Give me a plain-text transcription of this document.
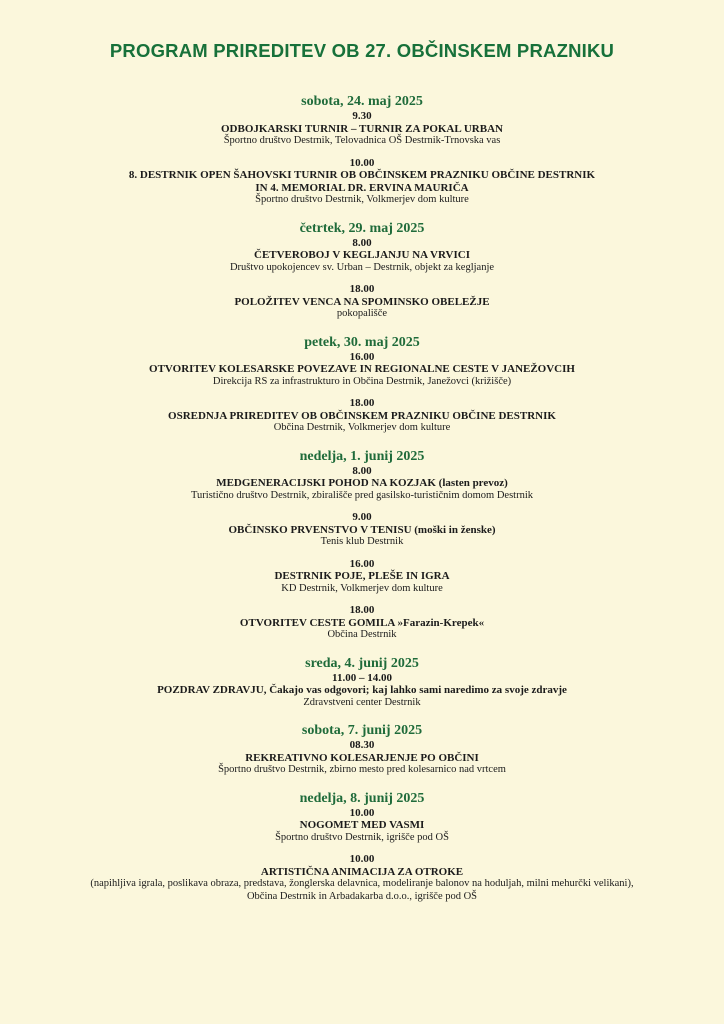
PROGRAM PRIREDITEV OB 27. OBČINSKEM PRAZNIKU
sobota, 24. maj 2025
9.30
ODBOJKARSKI TURNIR – TURNIR ZA POKAL URBAN
Športno društvo Destrnik, Telovadnica OŠ Destrnik-Trnovska vas
10.00
8. DESTRNIK OPEN ŠAHOVSKI TURNIR OB OBČINSKEM PRAZNIKU OBČINE DESTRNIK
IN 4. MEMORIAL DR. ERVINA MAURIČA
Športno društvo Destrnik, Volkmerjev dom kulture
četrtek, 29. maj 2025
8.00
ČETVEROBOJ V KEGLJANJU NA VRVICI
Društvo upokojencev sv. Urban – Destrnik, objekt za kegljanje
18.00
POLOŽITEV VENCA NA SPOMINSKO OBELEŽJE
pokopališče
petek, 30. maj 2025
16.00
OTVORITEV KOLESARSKE POVEZAVE IN REGIONALNE CESTE V JANEŽOVCIH
Direkcija RS za infrastrukturo in Občina Destrnik, Janežovci (križišče)
18.00
OSREDNJA PRIREDITEV OB OBČINSKEM PRAZNIKU OBČINE DESTRNIK
Občina Destrnik, Volkmerjev dom kulture
nedelja, 1. junij 2025
8.00
MEDGENERACIJSKI POHOD NA KOZJAK (lasten prevoz)
Turistično društvo Destrnik, zbirališče pred gasilsko-turističnim domom Destrnik
9.00
OBČINSKO PRVENSTVO V TENISU (moški in ženske)
Tenis klub Destrnik
16.00
DESTRNIK POJE, PLEŠE IN IGRA
KD Destrnik, Volkmerjev dom kulture
18.00
OTVORITEV CESTE GOMILA »Farazin-Krepek«
Občina Destrnik
sreda, 4. junij 2025
11.00 – 14.00
POZDRAV ZDRAVJU, Čakajo vas odgovori; kaj lahko sami naredimo za svoje zdravje
Zdravstveni center Destrnik
sobota, 7. junij 2025
08.30
REKREATIVNO KOLESARJENJE PO OBČINI
Športno društvo Destrnik, zbirno mesto pred kolesarnico nad vrtcem
nedelja, 8. junij 2025
10.00
NOGOMET MED VASMI
Športno društvo Destrnik, igrišče pod OŠ
10.00
ARTISTIČNA ANIMACIJA ZA OTROKE
(napihljiva igrala, poslikava obraza, predstava, žonglerska delavnica, modeliranje balonov na hoduljah, milni mehurčki velikani),
Občina Destrnik in Arbadakarba d.o.o., igrišče pod OŠ
